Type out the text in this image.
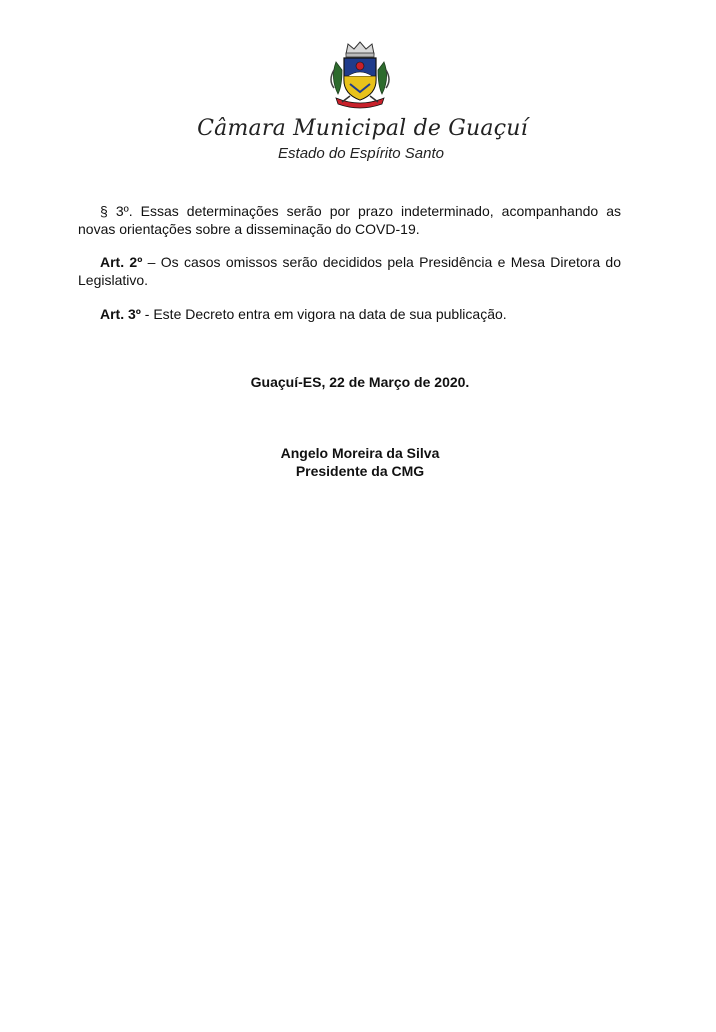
Câmara Municipal de Guaçuí
Estado do Espírito Santo
§ 3º. Essas determinações serão por prazo indeterminado, acompanhando as novas orientações sobre a disseminação do COVD-19.
Art. 2º – Os casos omissos serão decididos pela Presidência e Mesa Diretora do Legislativo.
Art. 3º - Este Decreto entra em vigora na data de sua publicação.
Guaçuí-ES, 22 de Março de 2020.
Angelo Moreira da Silva
Presidente da CMG
